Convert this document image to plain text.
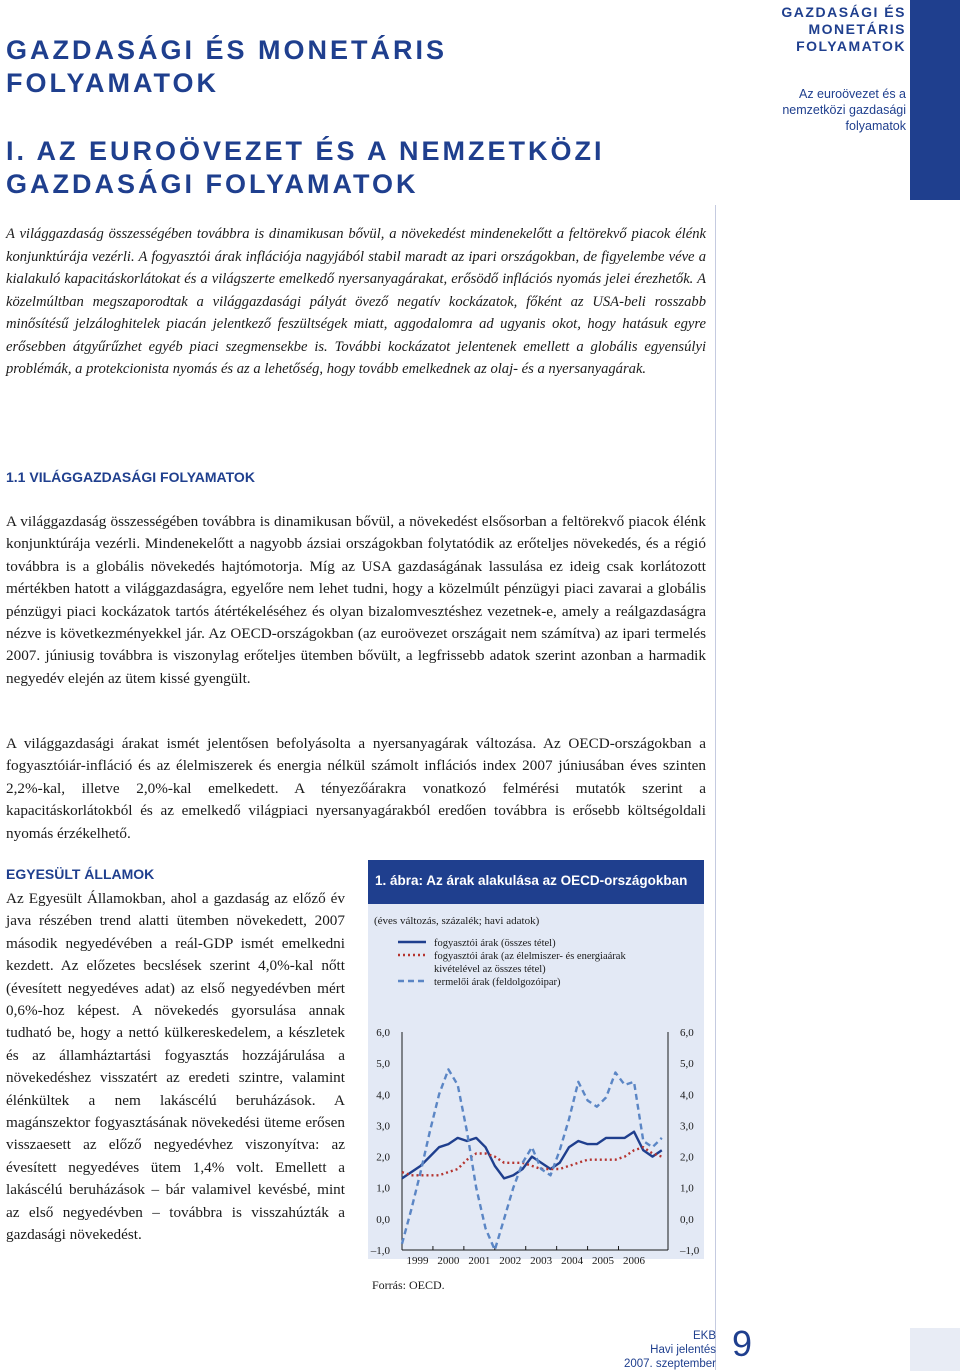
GAZDASÁGI ÉS MONETÁRIS FOLYAMATOK
I. AZ EUROÖVEZET ÉS A NEMZETKÖZI GAZDASÁGI FOLYAMATOK
GAZDASÁGI ÉS MONETÁRIS FOLYAMATOK
Az euroövezet és a nemzetközi gazdasági folyamatok

A világgazdaság összességében továbbra is dinamikusan bővül, a növekedést mindenekelőtt a feltörekvő piacok élénk konjunktúrája vezérli. A fogyasztói árak inflációja nagyjából stabil maradt az ipari országokban, de figyelembe véve a kialakuló kapacitáskorlátokat és a világszerte emelkedő nyersanyagárakat, erősödő inflációs nyomás jelei érezhetők. A közelmúltban megszaporodtak a világgazdasági pályát övező negatív kockázatok, főként az USA-beli rosszabb minősítésű jelzáloghitelek piacán jelentkező feszültségek miatt, aggodalomra ad ugyanis okot, hogy hatásuk egyre erősebben átgyűrűzhet egyéb piaci szegmensekbe is. További kockázatot jelentenek emellett a globális egyensúlyi problémák, a protekcionista nyomás és az a lehetőség, hogy tovább emelkednek az olaj- és a nyersanyagárak.

1.1 VILÁGGAZDASÁGI FOLYAMATOK

A világgazdaság összességében továbbra is dinamikusan bővül, a növekedést elsősorban a feltörekvő piacok élénk konjunktúrája vezérli. Mindenekelőtt a nagyobb ázsiai országokban folytatódik az erőteljes növekedés, és a régió továbbra is a globális növekedés hajtómotorja. Míg az USA gazdaságának lassulása ez ideig csak korlátozott mértékben hatott a világgazdaságra, egyelőre nem lehet tudni, hogy a közelmúlt pénzügyi piaci zavarai a globális pénzügyi piaci kockázatok tartós átértékeléséhez és olyan bizalomvesztéshez vezetnek-e, amely a reálgazdaságra nézve is következményekkel jár. Az OECD-országokban (az euroövezet országait nem számítva) az ipari termelés 2007. júniusig továbbra is viszonylag erőteljes ütemben bővült, a legfrissebb adatok szerint azonban a harmadik negyedév elején az ütem kissé gyengült.

A világgazdasági árakat ismét jelentősen befolyásolta a nyersanyagárak változása. Az OECD-országokban a fogyasztóiár-infláció és az élelmiszerek és energia nélkül számolt inflációs index 2007 júniusában éves szinten 2,2%-kal, illetve 2,0%-kal emelkedett. A tényezőárakra vonatkozó felmérési mutatók szerint a kapacitáskorlátokból és az emelkedő világpiaci nyersanyagárakból eredően továbbra is erősebb költségoldali nyomás érzékelhető.

EGYESÜLT ÁLLAMOK

Az Egyesült Államokban, ahol a gazdaság az előző év java részében trend alatti ütemben növekedett, 2007 második negyedévében a reál-GDP ismét emelkedni kezdett. Az előzetes becslések szerint 4,0%-kal nőtt (évesített negyedéves adat) az első negyedévben mért 0,6%-hoz képest. A növekedés gyorsulása annak tudható be, hogy a nettó külkereskedelem, a készletek és az államháztartási fogyasztás hozzájárulása a növekedéshez visszatért az eredeti szintre, valamint élénkültek a nem lakáscélú beruházások. A magánszektor fogyasztásának növekedési üteme erősen visszaesett az előző negyedévhez viszonyítva: az évesített negyedéves ütem 1,4% volt. Emellett a lakáscélú beruházások – bár valamivel kevésbé, mint az első negyedévben – továbbra is visszahúzták a gazdasági növekedést.

1. ábra: Az árak alakulása az OECD-országokban
(éves változás, százalék; havi adatok)
fogyasztói árak (összes tétel)
fogyasztói árak (az élelmiszer- és energiaárak
kivételével az összes tétel)
termelői árak (feldolgozóipar)
6,0	6,0
5,0	5,0
4,0	4,0
3,0	3,0
2,0	2,0
1,0	1,0
0,0	0,0
–1,0	–1,0
1999 2000 2001 2002 2003 2004 2005 2006
Forrás: OECD.
EKB
Havi jelentés
2007. szeptember 9
